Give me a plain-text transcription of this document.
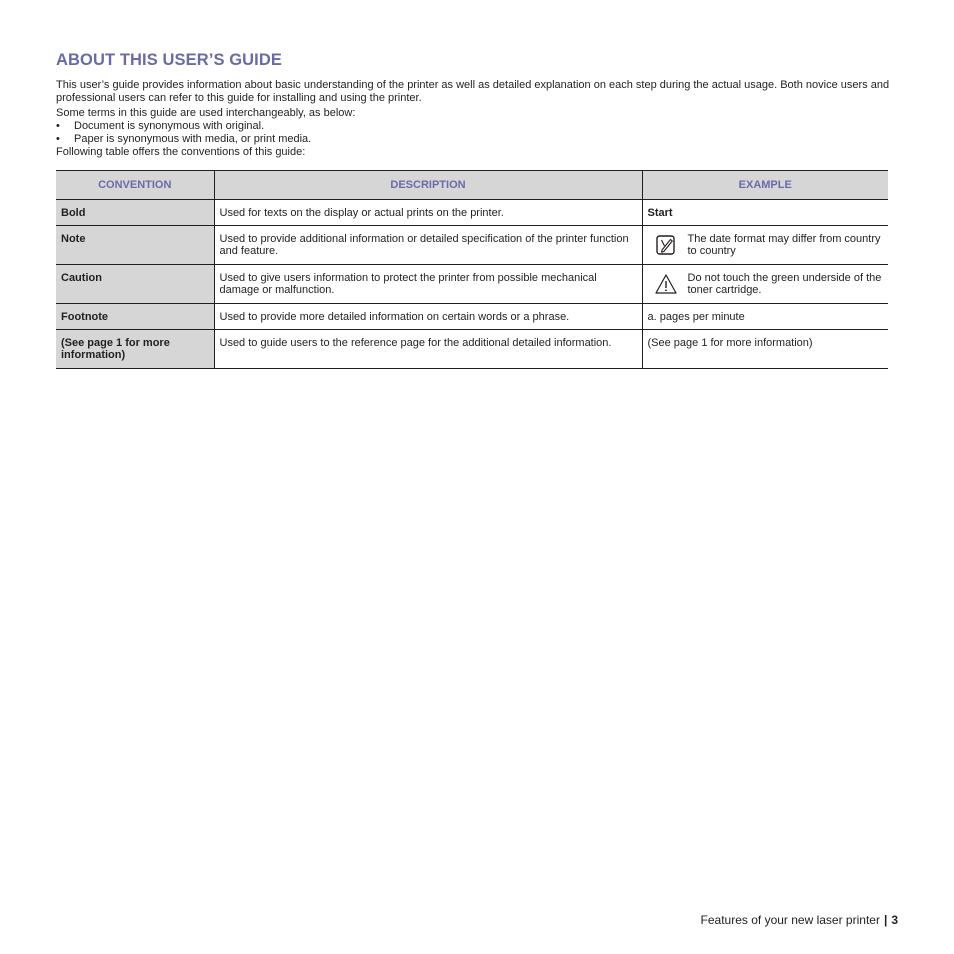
ABOUT THIS USER’S GUIDE

This user’s guide provides information about basic understanding of the printer as well as detailed explanation on each step during the actual usage. Both novice users and professional users can refer to this guide for installing and using the printer.

Some terms in this guide are used interchangeably, as below:

• Document is synonymous with original.
• Paper is synonymous with media, or print media.

Following table offers the conventions of this guide:

CONVENTION	DESCRIPTION	EXAMPLE
Bold	Used for texts on the display or actual prints on the printer.	Start
Note	Used to provide additional information or detailed specification of the printer function and feature.	The date format may differ from country to country

Caution	Used to give users information to protect the printer from possible mechanical damage or malfunction.	Do not touch the green underside of the toner cartridge.

Footnote	Used to provide more detailed information on certain words or a phrase.	a. pages per minute
(See page 1 for more information)	Used to guide users to the reference page for the additional detailed information.	(See page 1 for more information)
Features of your new laser printer | 3
